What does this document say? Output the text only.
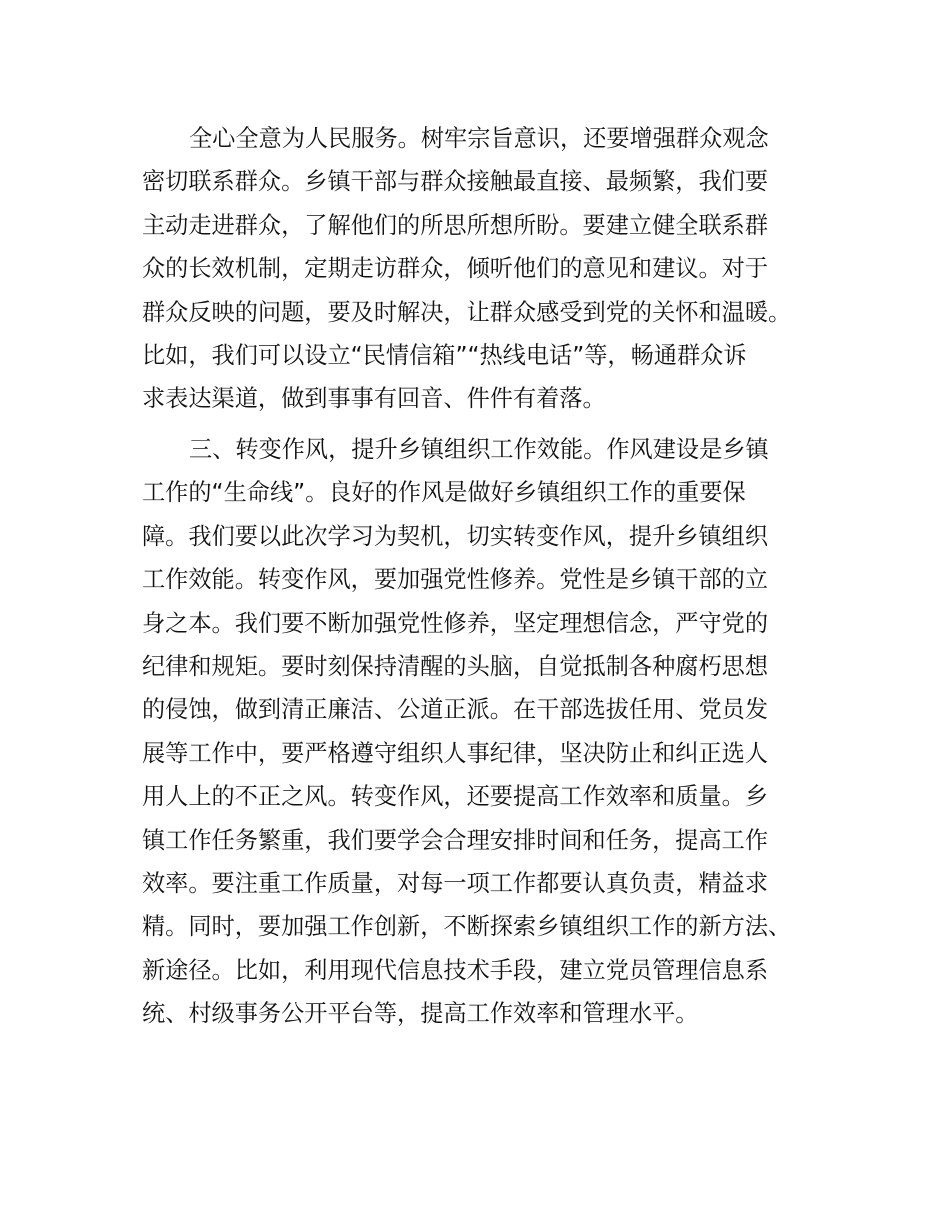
全心全意为人民服务。树牢宗旨意识，还要增强群众观念
密切联系群众。乡镇干部与群众接触最直接、最频繁，我们要
主动走进群众，了解他们的所思所想所盼。要建立健全联系群
众的长效机制，定期走访群众，倾听他们的意见和建议。对于
群众反映的问题，要及时解决，让群众感受到党的关怀和温暖。
比如，我们可以设立“民情信箱”“热线电话”等，畅通群众诉
求表达渠道，做到事事有回音、件件有着落。
三、转变作风，提升乡镇组织工作效能。作风建设是乡镇
工作的“生命线”。良好的作风是做好乡镇组织工作的重要保
障。我们要以此次学习为契机，切实转变作风，提升乡镇组织
工作效能。转变作风，要加强党性修养。党性是乡镇干部的立
身之本。我们要不断加强党性修养，坚定理想信念，严守党的
纪律和规矩。要时刻保持清醒的头脑，自觉抵制各种腐朽思想
的侵蚀，做到清正廉洁、公道正派。在干部选拔任用、党员发
展等工作中，要严格遵守组织人事纪律，坚决防止和纠正选人
用人上的不正之风。转变作风，还要提高工作效率和质量。乡
镇工作任务繁重，我们要学会合理安排时间和任务，提高工作
效率。要注重工作质量，对每一项工作都要认真负责，精益求
精。同时，要加强工作创新，不断探索乡镇组织工作的新方法、
新途径。比如，利用现代信息技术手段，建立党员管理信息系
统、村级事务公开平台等，提高工作效率和管理水平。
